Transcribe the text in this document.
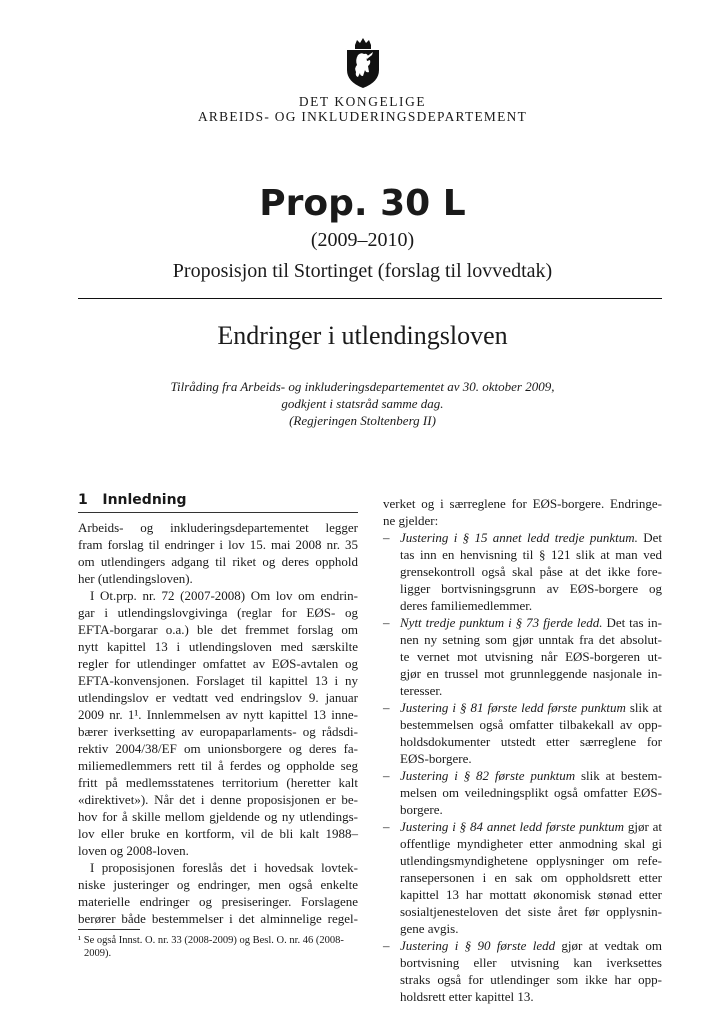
DET KONGELIGE
ARBEIDS- OG INKLUDERINGSDEPARTEMENT
Prop. 30 L
(2009–2010)
Proposisjon til Stortinget (forslag til lovvedtak)
Endringer i utlendingsloven
Tilråding fra Arbeids- og inkluderingsdepartementet av 30. oktober 2009,
godkjent i statsråd samme dag.
(Regjeringen Stoltenberg II)
1   Innledning
Arbeids- og inkluderingsdepartementet legger
fram forslag til endringer i lov 15. mai 2008 nr. 35
om utlendingers adgang til riket og deres opphold
her (utlendingsloven).
I Ot.prp. nr. 72 (2007-2008) Om lov om endrin-
gar i utlendingslovgivinga (reglar for EØS- og
EFTA-borgarar o.a.) ble det fremmet forslag om
nytt kapittel 13 i utlendingsloven med særskilte
regler for utlendinger omfattet av EØS-avtalen og
EFTA-konvensjonen. Forslaget til kapittel 13 i ny
utlendingslov er vedtatt ved endringslov 9. januar
2009 nr. 1¹. Innlemmelsen av nytt kapittel 13 inne-
bærer iverksetting av europaparlaments- og rådsdi-
rektiv 2004/38/EF om unionsborgere og deres fa-
miliemedlemmers rett til å ferdes og oppholde seg
fritt på medlemsstatenes territorium (heretter kalt
«direktivet»). Når det i denne proposisjonen er be-
hov for å skille mellom gjeldende og ny utlendings-
lov eller bruke en kortform, vil de bli kalt 1988–
loven og 2008-loven.
I proposisjonen foreslås det i hovedsak lovtek-
niske justeringer og endringer, men også enkelte
materielle endringer og presiseringer. Forslagene
berører både bestemmelser i det alminnelige regel-
verket og i særreglene for EØS-borgere. Endringe-
ne gjelder:
– Justering i § 15 annet ledd tredje punktum. Det
tas inn en henvisning til § 121 slik at man ved
grensekontroll også skal påse at det ikke fore-
ligger bortvisningsgrunn av EØS-borgere og
deres familiemedlemmer.
– Nytt tredje punktum i § 73 fjerde ledd. Det tas in-
nen ny setning som gjør unntak fra det absolut-
te vernet mot utvisning når EØS-borgeren ut-
gjør en trussel mot grunnleggende nasjonale in-
teresser.
– Justering i § 81 første ledd første punktum slik at
bestemmelsen også omfatter tilbakekall av opp-
holdsdokumenter utstedt etter særreglene for
EØS-borgere.
– Justering i § 82 første punktum slik at bestem-
melsen om veiledningsplikt også omfatter EØS-
borgere.
– Justering i § 84 annet ledd første punktum gjør at
offentlige myndigheter etter anmodning skal gi
utlendingsmyndighetene opplysninger om refe-
ransepersonen i en sak om oppholdsrett etter
kapittel 13 har mottatt økonomisk stønad etter
sosialtjenesteloven det siste året før opplysnin-
gene avgis.
– Justering i § 90 første ledd gjør at vedtak om
bortvisning eller utvisning kan iverksettes
straks også for utlendinger som ikke har opp-
holdsrett etter kapittel 13.
¹ Se også Innst. O. nr. 33 (2008-2009) og Besl. O. nr. 46 (2008-
2009).
